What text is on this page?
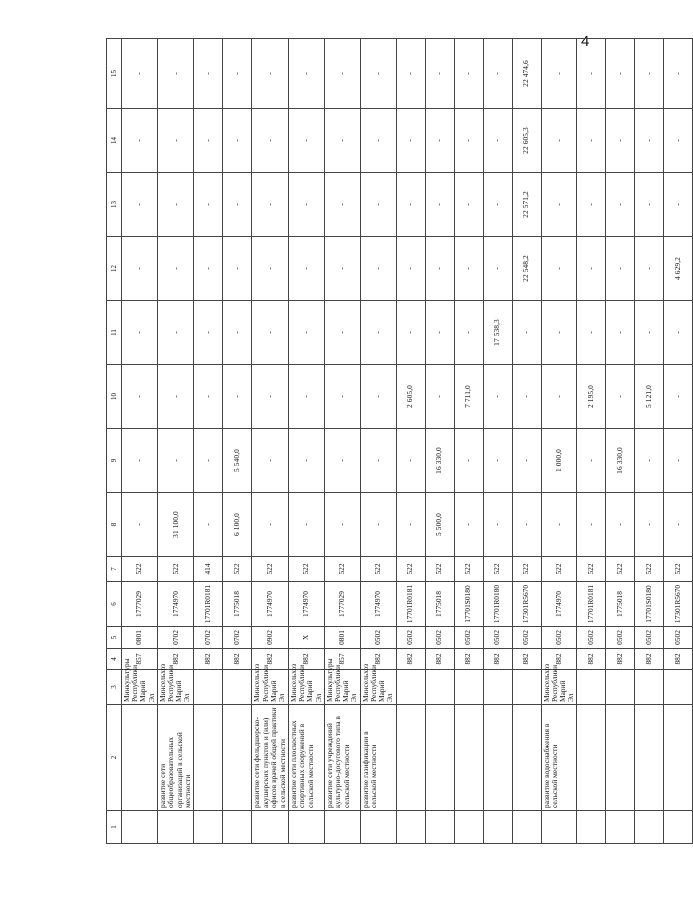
4
1	2	3	4	5	6	7	8	9	10	11	12	13	14	15
		Минкультуры Республики Марий Эл	857	0801	1777029	522	-	-	-	-	-	-	-	-
	развитие сети общеобразовательных организаций в сельской местности	Минсельхоз Республики Марий Эл	882	0702	1774970	522	31 100,0	-	-	-	-	-	-	-
			882	0702	17701R0181	414	-	-	-	-	-	-	-	-
			882	0702	1775018	522	6 100,0	5 540,0	-	-	-	-	-	-
	развитие сети фельдшерско-акушерских пунктов и (или) офисов врачей общей практики в сельской местности	Минсельхоз Республики Марий Эл	882	0902	1774970	522	-	-	-	-	-	-	-	-
	развитие сети плоскостных спортивных сооружений в сельской местности	Минсельхоз Республики Марий Эл	882	X	1774970	522	-	-	-	-	-	-	-	-
	развитие сети учреждений культурно-досугового типа в сельской местности	Минкультуры Республики Марий Эл	857	0801	1777029	522	-	-	-	-	-	-	-	-
	развитие газификации в сельской местности	Минсельхоз Республики Марий Эл	882	0502	1774970	522	-	-	-	-	-	-	-	-
			882	0502	17701R0181	522	-	-	2 605,0	-	-	-	-	-
			882	0502	1775018	522	5 500,0	16 330,0	-	-	-	-	-	-
			882	0502	17701S0180	522	-	-	7 711,0	-	-	-	-	-
			882	0502	17701R0180	522	-	-	-	17 538,3	-	-	-	-
			882	0502	17301R5670	522	-	-	-	-	22 548,2	22 571,2	22 605,3	22 474,6
	развитие водоснабжения в сельской местности	Минсельхоз Республики Марий Эл	882	0502	1774970	522	-	1 000,0	-	-	-	-	-	-
			882	0502	17701R0181	522	-	-	2 195,0	-	-	-	-	-
			882	0502	1775018	522	-	16 330,0	-	-	-	-	-	-
			882	0502	17701S0180	522	-	-	5 121,0	-	-	-	-	-
			882	0502	17301R5670	522	-	-	-	-	4 629,2	-	-	-
